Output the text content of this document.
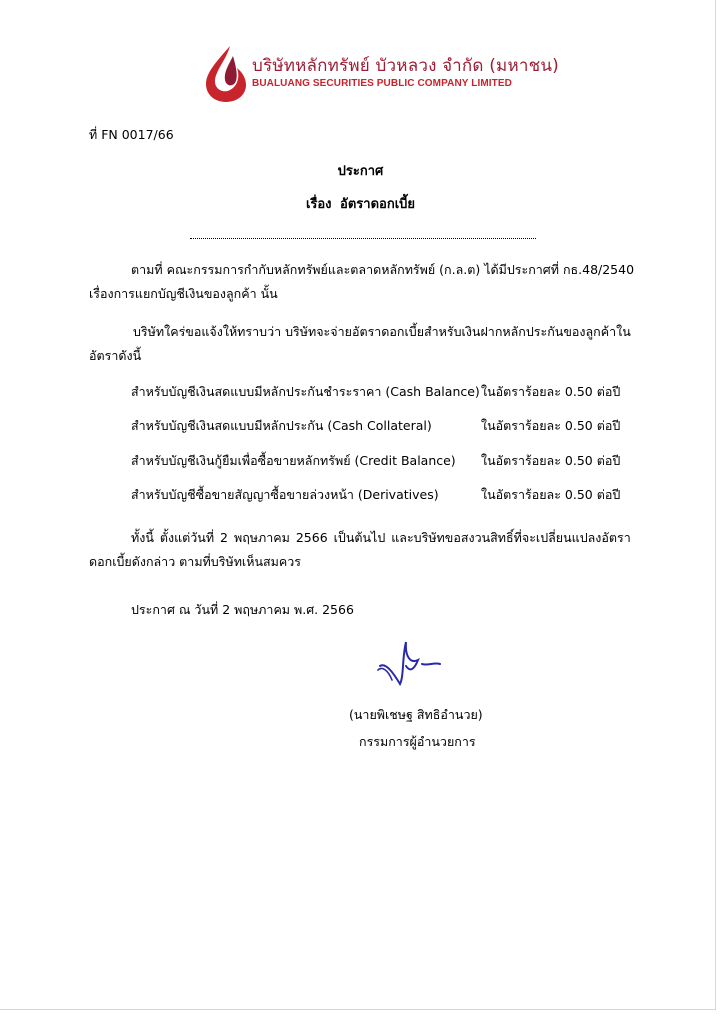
บริษัทหลักทรัพย์ บัวหลวง จำกัด (มหาชน)
BUALUANG SECURITIES PUBLIC COMPANY LIMITED
ที่ FN 0017/66
ประกาศ
เรื่อง อัตราดอกเบี้ย
ตามที่ คณะกรรมการกำกับหลักทรัพย์และตลาดหลักทรัพย์ (ก.ล.ต) ได้มีประกาศที่ กธ.48/2540
เรื่องการแยกบัญชีเงินของลูกค้า นั้น
บริษัทใคร่ขอแจ้งให้ทราบว่า บริษัทจะจ่ายอัตราดอกเบี้ยสำหรับเงินฝากหลักประกันของลูกค้าใน
อัตราดังนี้
สำหรับบัญชีเงินสดแบบมีหลักประกันชำระราคา (Cash Balance) ในอัตราร้อยละ 0.50 ต่อปี
สำหรับบัญชีเงินสดแบบมีหลักประกัน (Cash Collateral)	ในอัตราร้อยละ 0.50 ต่อปี
สำหรับบัญชีเงินกู้ยืมเพื่อซื้อขายหลักทรัพย์ (Credit Balance) ในอัตราร้อยละ 0.50 ต่อปี
สำหรับบัญชีซื้อขายสัญญาซื้อขายล่วงหน้า (Derivatives)	ในอัตราร้อยละ 0.50 ต่อปี
ทั้งนี้ ตั้งแต่วันที่ 2 พฤษภาคม 2566 เป็นต้นไป และบริษัทขอสงวนสิทธิ์ที่จะเปลี่ยนแปลงอัตรา
ดอกเบี้ยดังกล่าว ตามที่บริษัทเห็นสมควร
ประกาศ ณ วันที่ 2 พฤษภาคม พ.ศ. 2566
(นายพิเชษฐ สิทธิอำนวย)
กรรมการผู้อำนวยการ
